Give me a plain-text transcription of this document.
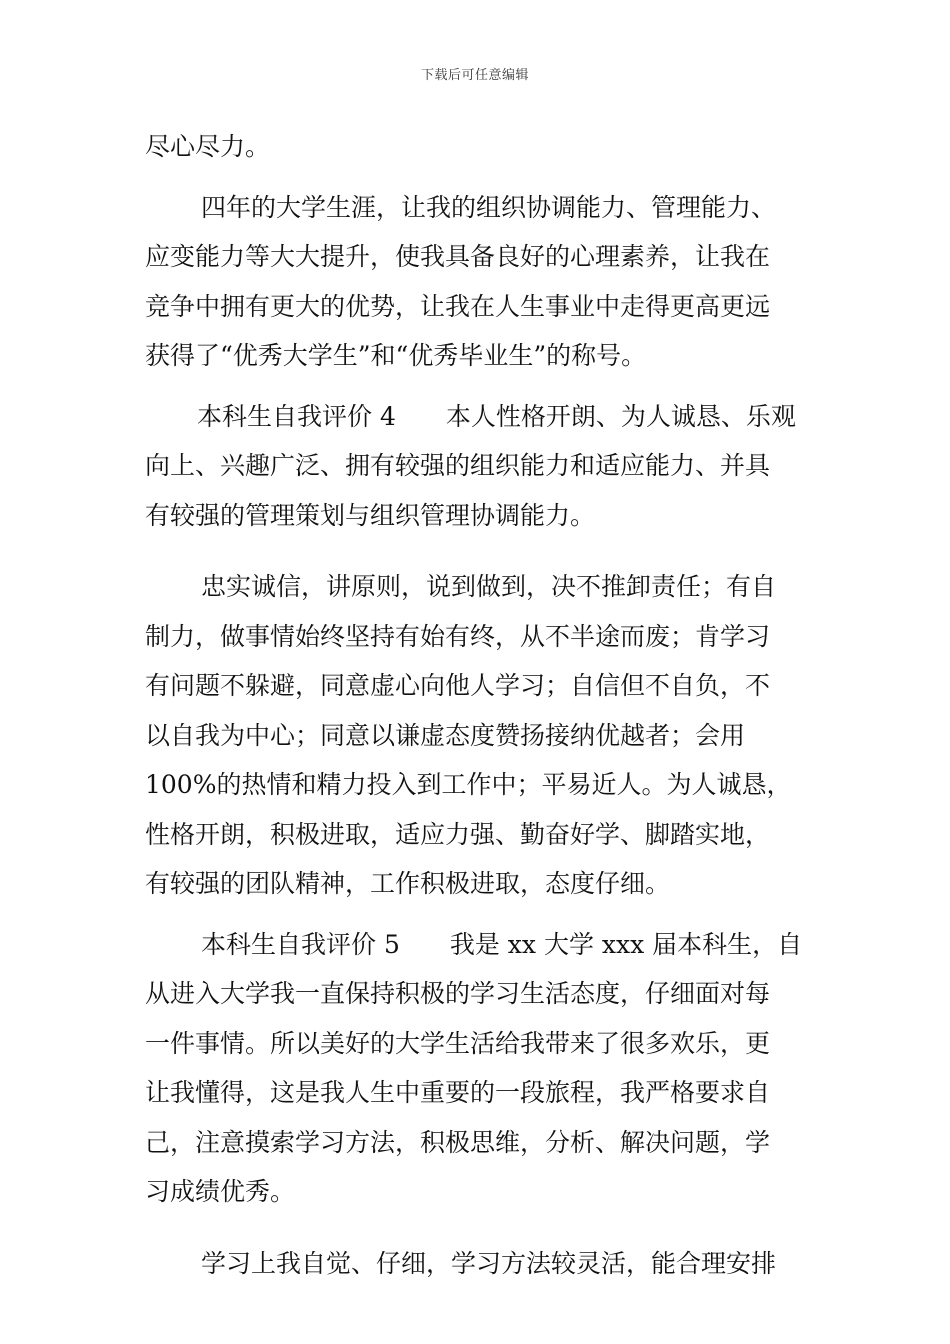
下载后可任意编辑
尽心尽力。
四年的大学生涯，让我的组织协调能力、管理能力、
应变能力等大大提升，使我具备良好的心理素养，让我在
竞争中拥有更大的优势，让我在人生事业中走得更高更远
获得了“优秀大学生”和“优秀毕业生”的称号。
本科生自我评价 4 本人性格开朗、为人诚恳、乐观
向上、兴趣广泛、拥有较强的组织能力和适应能力、并具
有较强的管理策划与组织管理协调能力。
忠实诚信，讲原则，说到做到，决不推卸责任；有自
制力，做事情始终坚持有始有终，从不半途而废；肯学习
有问题不躲避，同意虚心向他人学习；自信但不自负，不
以自我为中心；同意以谦虚态度赞扬接纳优越者；会用
100%的热情和精力投入到工作中；平易近人。为人诚恳，
性格开朗，积极进取，适应力强、勤奋好学、脚踏实地，
有较强的团队精神，工作积极进取，态度仔细。
本科生自我评价 5 我是 xx 大学 xxx 届本科生，自
从进入大学我一直保持积极的学习生活态度，仔细面对每
一件事情。所以美好的大学生活给我带来了很多欢乐，更
让我懂得，这是我人生中重要的一段旅程，我严格要求自
己，注意摸索学习方法，积极思维，分析、解决问题，学
习成绩优秀。
学习上我自觉、仔细，学习方法较灵活，能合理安排
